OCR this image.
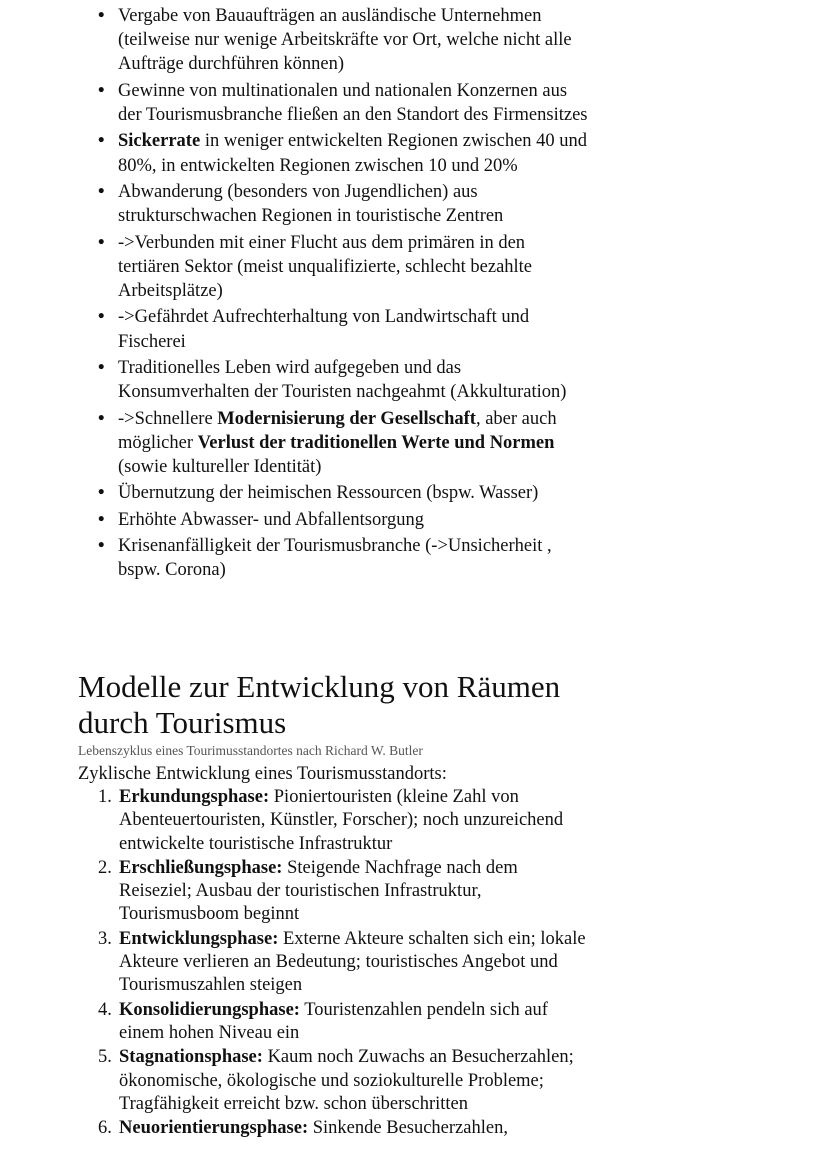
• Vergabe von Bauaufträgen an ausländische Unternehmen (teilweise nur wenige Arbeitskräfte vor Ort, welche nicht alle Aufträge durchführen können)
• Gewinne von multinationalen und nationalen Konzernen aus der Tourismusbranche fließen an den Standort des Firmensitzes
• Sickerrate in weniger entwickelten Regionen zwischen 40 und 80%, in entwickelten Regionen zwischen 10 und 20%
• Abwanderung (besonders von Jugendlichen) aus strukturschwachen Regionen in touristische Zentren
• ->Verbunden mit einer Flucht aus dem primären in den tertiären Sektor (meist unqualifizierte, schlecht bezahlte Arbeitsplätze)
• ->Gefährdet Aufrechterhaltung von Landwirtschaft und Fischerei
• Traditionelles Leben wird aufgegeben und das Konsumverhalten der Touristen nachgeahmt (Akkulturation)
• ->Schnellere Modernisierung der Gesellschaft, aber auch möglicher Verlust der traditionellen Werte und Normen (sowie kultureller Identität)
• Übernutzung der heimischen Ressourcen (bspw. Wasser)
• Erhöhte Abwasser- und Abfallentsorgung
• Krisenanfälligkeit der Tourismusbranche (->Unsicherheit , bspw. Corona)
Modelle zur Entwicklung von Räumen durch Tourismus
Lebenszyklus eines Tourimusstandortes nach Richard W. Butler
Zyklische Entwicklung eines Tourismusstandorts:
1. Erkundungsphase: Pioniertouristen (kleine Zahl von Abenteuertouristen, Künstler, Forscher); noch unzureichend entwickelte touristische Infrastruktur
2. Erschließungsphase: Steigende Nachfrage nach dem Reiseziel; Ausbau der touristischen Infrastruktur, Tourismusboom beginnt
3. Entwicklungsphase: Externe Akteure schalten sich ein; lokale Akteure verlieren an Bedeutung; touristisches Angebot und Tourismuszahlen steigen
4. Konsolidierungsphase: Touristenzahlen pendeln sich auf einem hohen Niveau ein
5. Stagnationsphase: Kaum noch Zuwachs an Besucherzahlen; ökonomische, ökologische und soziokulturelle Probleme; Tragfähigkeit erreicht bzw. schon überschritten
6. Neuorientierungsphase: Sinkende Besucherzahlen,
